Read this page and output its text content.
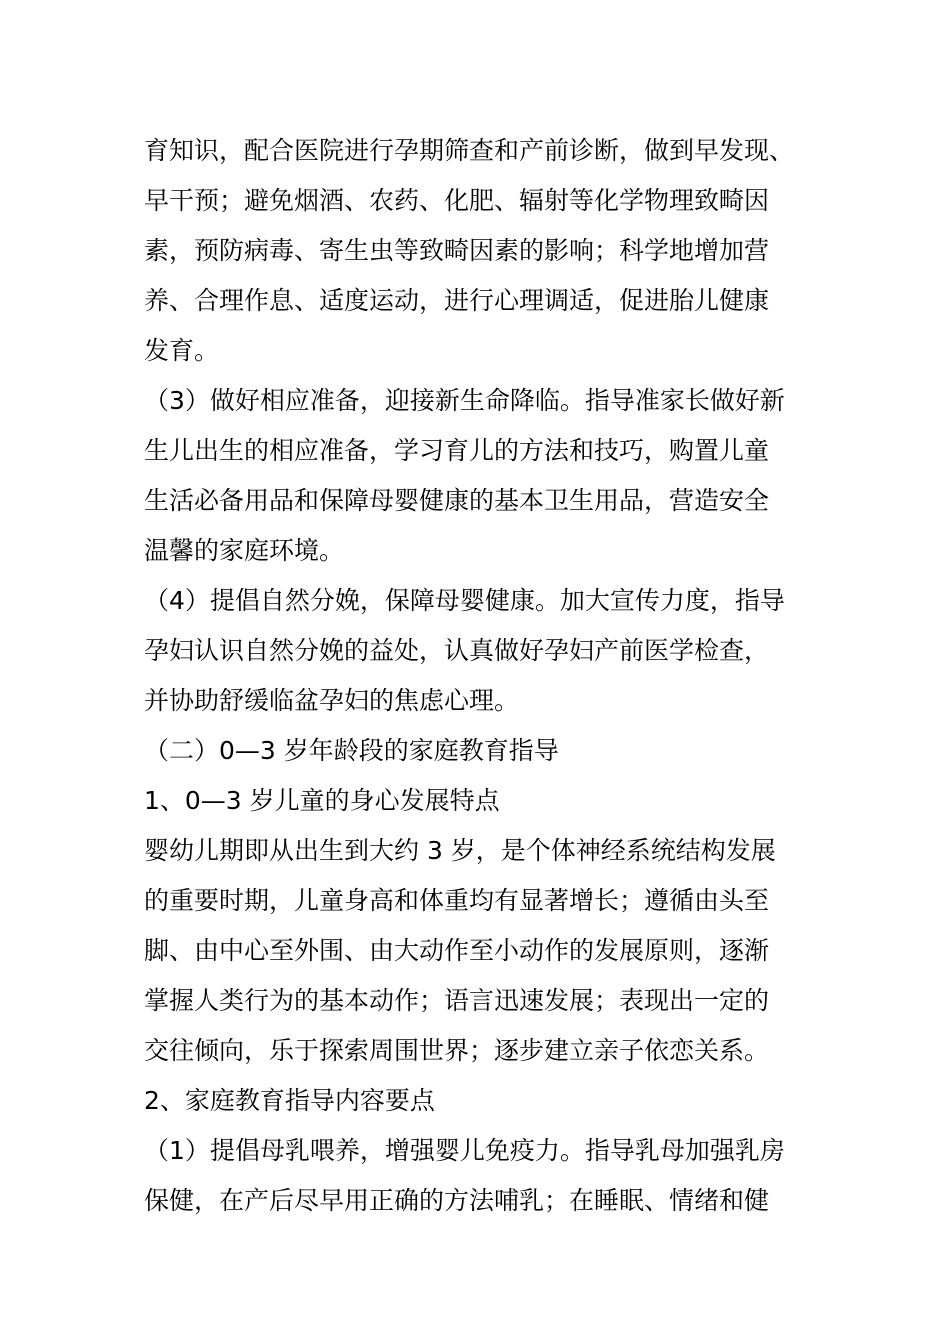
育知识，配合医院进行孕期筛查和产前诊断，做到早发现、
早干预；避免烟酒、农药、化肥、辐射等化学物理致畸因
素，预防病毒、寄生虫等致畸因素的影响；科学地增加营
养、合理作息、适度运动，进行心理调适，促进胎儿健康
发育。
（3）做好相应准备，迎接新生命降临。指导准家长做好新
生儿出生的相应准备，学习育儿的方法和技巧，购置儿童
生活必备用品和保障母婴健康的基本卫生用品，营造安全
温馨的家庭环境。
（4）提倡自然分娩，保障母婴健康。加大宣传力度，指导
孕妇认识自然分娩的益处，认真做好孕妇产前医学检查，
并协助舒缓临盆孕妇的焦虑心理。
（二）0—3 岁年龄段的家庭教育指导
1、0—3 岁儿童的身心发展特点
婴幼儿期即从出生到大约 3 岁，是个体神经系统结构发展
的重要时期，儿童身高和体重均有显著增长；遵循由头至
脚、由中心至外围、由大动作至小动作的发展原则，逐渐
掌握人类行为的基本动作；语言迅速发展；表现出一定的
交往倾向，乐于探索周围世界；逐步建立亲子依恋关系。
2、家庭教育指导内容要点
（1）提倡母乳喂养，增强婴儿免疫力。指导乳母加强乳房
保健，在产后尽早用正确的方法哺乳；在睡眠、情绪和健
